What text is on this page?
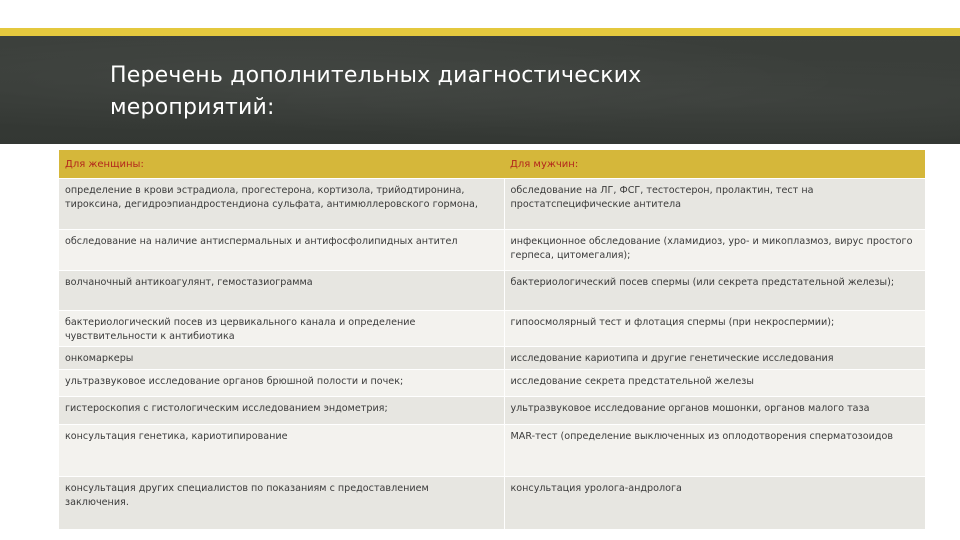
Перечень дополнительных диагностических
мероприятий:
Для женщины:	Для мужчин:
определение в крови эстрадиола, прогестерона, кортизола, трийодтиронина,
тироксина, дегидроэпиандростендиона сульфата, антимюллеровского гормона,	обследование на ЛГ, ФСГ, тестостерон, пролактин, тест на
простатспецифические антитела
обследование на наличие антиспермальных и антифосфолипидных антител	инфекционное обследование (хламидиоз, уро- и микоплазмоз, вирус простого
герпеса, цитомегалия);
волчаночный антикоагулянт, гемостазиограмма	бактериологический посев спермы (или секрета предстательной железы);
бактериологический посев из цервикального канала и определение
чувствительности к антибиотика	гипоосмолярный тест и флотация спермы (при некроспермии);
онкомаркеры	исследование кариотипа и другие генетические исследования
ультразвуковое исследование органов брюшной полости и почек;	исследование секрета предстательной железы
гистероскопия с гистологическим исследованием эндометрия;	ультразвуковое исследование органов мошонки, органов малого таза
консультация генетика, кариотипирование	MAR-тест (определение выключенных из оплодотворения сперматозоидов
консультация других специалистов по показаниям с предоставлением
заключения.	консультация уролога-андролога
